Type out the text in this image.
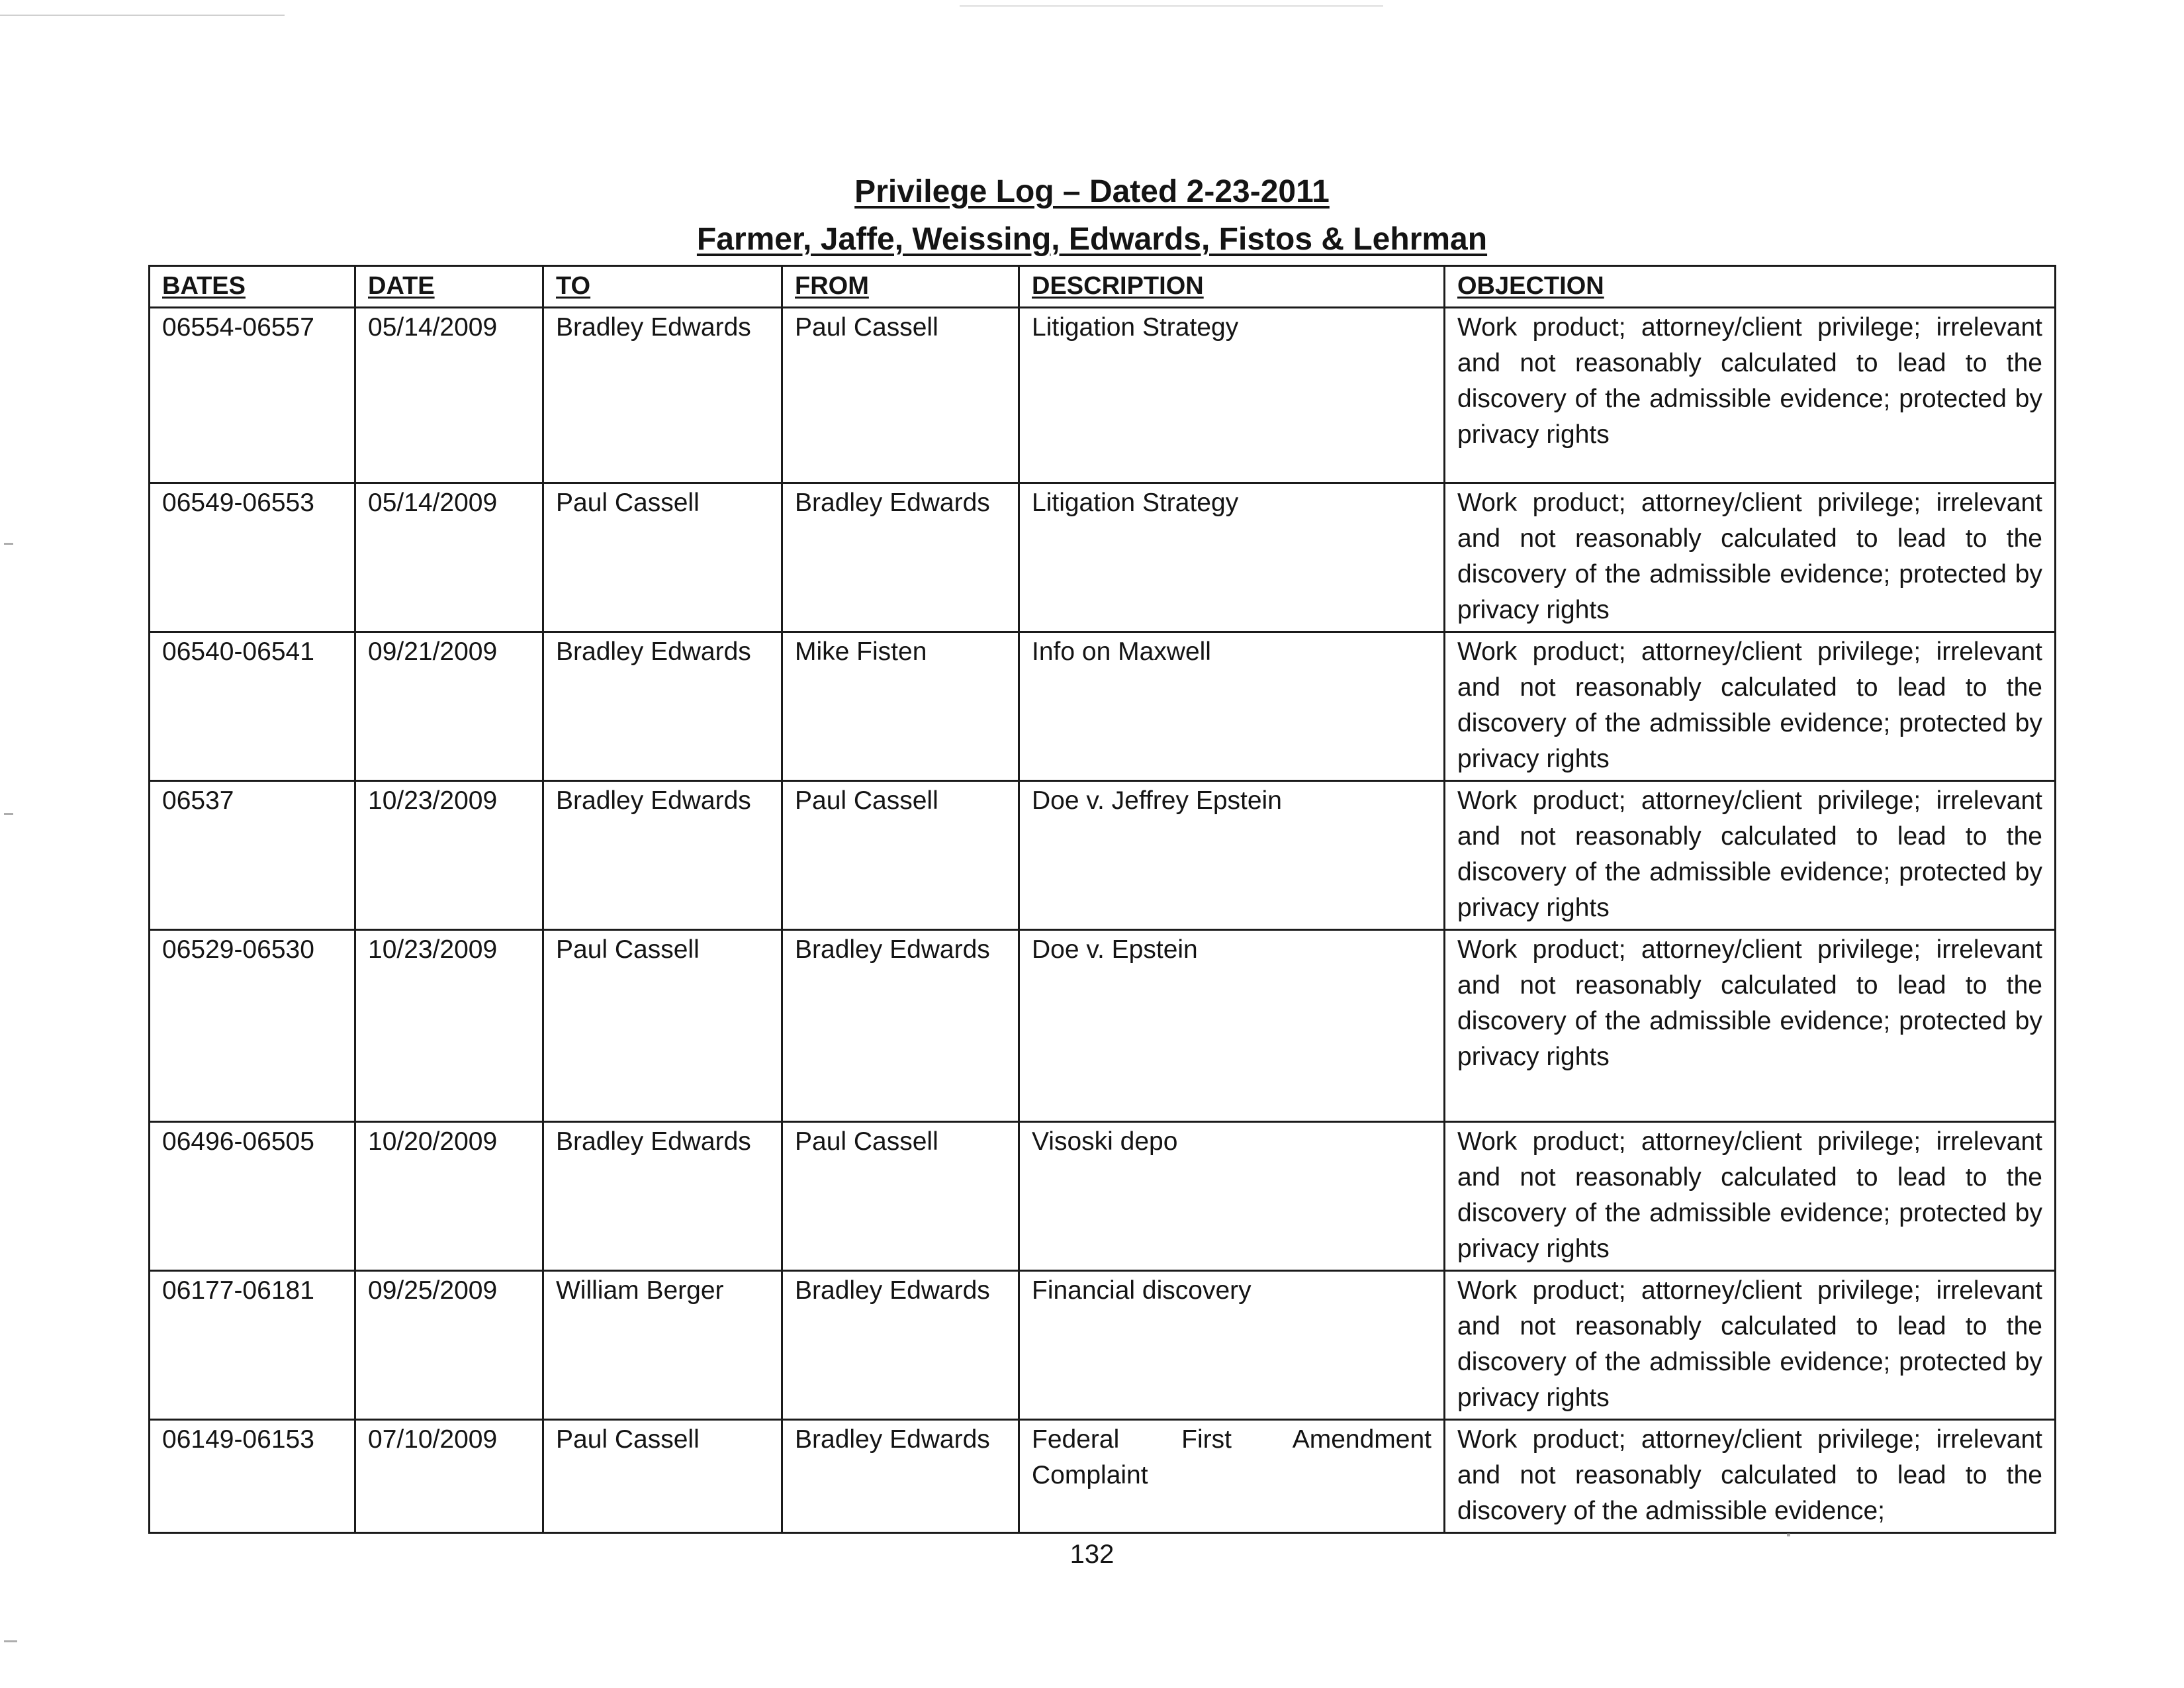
Privilege Log – Dated 2-23-2011
Farmer, Jaffe, Weissing, Edwards, Fistos & Lehrman
BATES	DATE	TO	FROM	DESCRIPTION	OBJECTION
06554-06557	05/14/2009	Bradley Edwards	Paul Cassell	Litigation Strategy	Work product; attorney/client privilege; irrelevant and not reasonably calculated to lead to the discovery of the admissible evidence; protected by privacy rights
06549-06553	05/14/2009	Paul Cassell	Bradley Edwards	Litigation Strategy	Work product; attorney/client privilege; irrelevant and not reasonably calculated to lead to the discovery of the admissible evidence; protected by privacy rights
06540-06541	09/21/2009	Bradley Edwards	Mike Fisten	Info on Maxwell	Work product; attorney/client privilege; irrelevant and not reasonably calculated to lead to the discovery of the admissible evidence; protected by privacy rights
06537	10/23/2009	Bradley Edwards	Paul Cassell	Doe v. Jeffrey Epstein	Work product; attorney/client privilege; irrelevant and not reasonably calculated to lead to the discovery of the admissible evidence; protected by privacy rights
06529-06530	10/23/2009	Paul Cassell	Bradley Edwards	Doe v. Epstein	Work product; attorney/client privilege; irrelevant and not reasonably calculated to lead to the discovery of the admissible evidence; protected by privacy rights
06496-06505	10/20/2009	Bradley Edwards	Paul Cassell	Visoski depo	Work product; attorney/client privilege; irrelevant and not reasonably calculated to lead to the discovery of the admissible evidence; protected by privacy rights
06177-06181	09/25/2009	William Berger	Bradley Edwards	Financial discovery	Work product; attorney/client privilege; irrelevant and not reasonably calculated to lead to the discovery of the admissible evidence; protected by privacy rights
06149-06153	07/10/2009	Paul Cassell	Bradley Edwards	Federal First Amendment Complaint	Work product; attorney/client privilege; irrelevant and not reasonably calculated to lead to the discovery of the admissible evidence;
132
